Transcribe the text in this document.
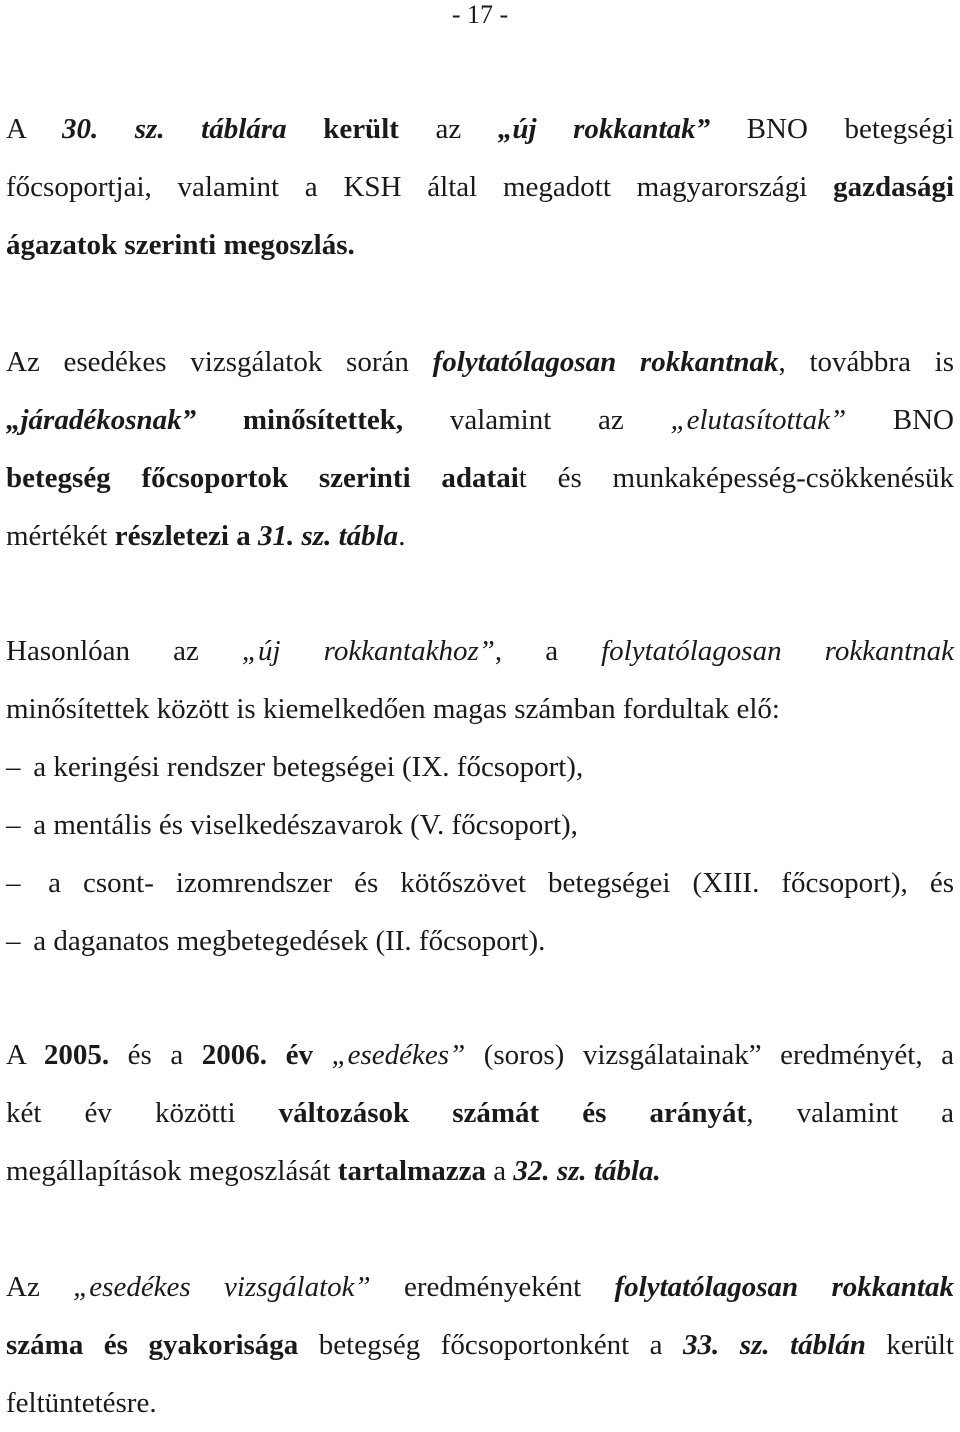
- 17 -
A 30. sz. táblára került az „új rokkantak” BNO betegségi
főcsoportjai, valamint a KSH által megadott magyarországi gazdasági
ágazatok szerinti megoszlás.
Az esedékes vizsgálatok során folytatólagosan rokkantnak, továbbra is
„járadékosnak” minősítettek, valamint az „elutasítottak” BNO
betegség főcsoportok szerinti adatait és munkaképesség-csökkenésük
mértékét részletezi a 31. sz. tábla.
Hasonlóan az „új rokkantakhoz”, a folytatólagosan rokkantnak
minősítettek között is kiemelkedően magas számban fordultak elő:
– a keringési rendszer betegségei (IX. főcsoport),
– a mentális és viselkedészavarok (V. főcsoport),
– a csont- izomrendszer és kötőszövet betegségei (XIII. főcsoport), és
– a daganatos megbetegedések (II. főcsoport).
A 2005. és a 2006. év „esedékes” (soros) vizsgálatainak” eredményét, a
két év közötti változások számát és arányát, valamint a
megállapítások megoszlását tartalmazza a 32. sz. tábla.
Az „esedékes vizsgálatok” eredményeként folytatólagosan rokkantak
száma és gyakorisága betegség főcsoportonként a 33. sz. táblán került
feltüntetésre.
